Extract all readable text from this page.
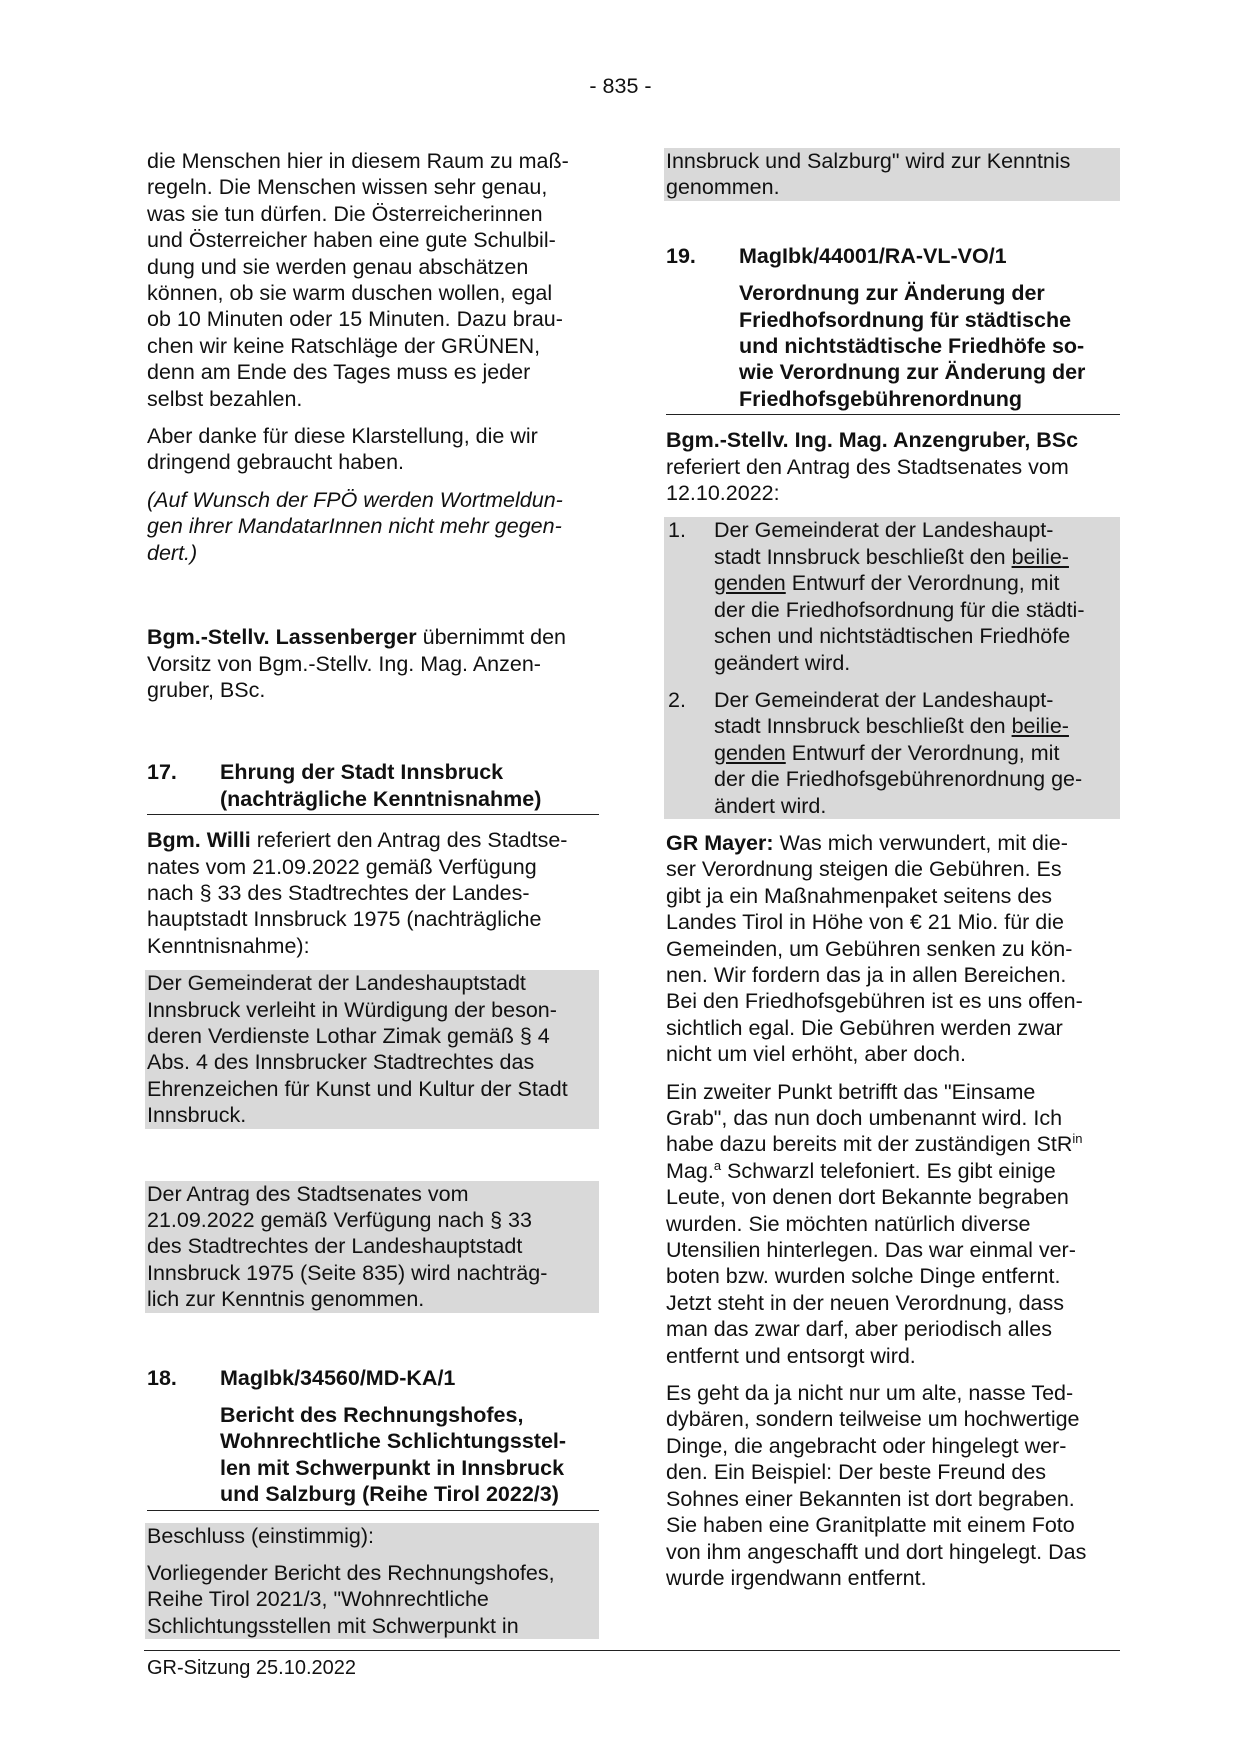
- 835 -

die Menschen hier in diesem Raum zu maß-
regeln. Die Menschen wissen sehr genau,
was sie tun dürfen. Die Österreicherinnen
und Österreicher haben eine gute Schulbil-
dung und sie werden genau abschätzen
können, ob sie warm duschen wollen, egal
ob 10 Minuten oder 15 Minuten. Dazu brau-
chen wir keine Ratschläge der GRÜNEN,
denn am Ende des Tages muss es jeder
selbst bezahlen.

Aber danke für diese Klarstellung, die wir
dringend gebraucht haben.

(Auf Wunsch der FPÖ werden Wortmeldun-
gen ihrer MandatarInnen nicht mehr gegen-
dert.)

Bgm.-Stellv. Lassenberger übernimmt den
Vorsitz von Bgm.-Stellv. Ing. Mag. Anzen-
gruber, BSc.

17. Ehrung der Stadt Innsbruck
(nachträgliche Kenntnisnahme)

Bgm. Willi referiert den Antrag des Stadtse-
nates vom 21.09.2022 gemäß Verfügung
nach § 33 des Stadtrechtes der Landes-
hauptstadt Innsbruck 1975 (nachträgliche
Kenntnisnahme):

Der Gemeinderat der Landeshauptstadt
Innsbruck verleiht in Würdigung der beson-
deren Verdienste Lothar Zimak gemäß § 4
Abs. 4 des Innsbrucker Stadtrechtes das
Ehrenzeichen für Kunst und Kultur der Stadt
Innsbruck.

Der Antrag des Stadtsenates vom
21.09.2022 gemäß Verfügung nach § 33
des Stadtrechtes der Landeshauptstadt
Innsbruck 1975 (Seite 835) wird nachträg-
lich zur Kenntnis genommen.

18. MagIbk/34560/MD-KA/1
Bericht des Rechnungshofes,
Wohnrechtliche Schlichtungsstel-
len mit Schwerpunkt in Innsbruck
und Salzburg (Reihe Tirol 2022/3)

Beschluss (einstimmig):

Vorliegender Bericht des Rechnungshofes,
Reihe Tirol 2021/3, "Wohnrechtliche
Schlichtungsstellen mit Schwerpunkt in

Innsbruck und Salzburg" wird zur Kenntnis
genommen.

19. MagIbk/44001/RA-VL-VO/1
Verordnung zur Änderung der
Friedhofsordnung für städtische
und nichtstädtische Friedhöfe so-
wie Verordnung zur Änderung der
Friedhofsgebührenordnung

Bgm.-Stellv. Ing. Mag. Anzengruber, BSc
referiert den Antrag des Stadtsenates vom
12.10.2022:

1. Der Gemeinderat der Landeshaupt-
stadt Innsbruck beschließt den beilie-
genden Entwurf der Verordnung, mit
der die Friedhofsordnung für die städti-
schen und nichtstädtischen Friedhöfe
geändert wird.
2. Der Gemeinderat der Landeshaupt-
stadt Innsbruck beschließt den beilie-
genden Entwurf der Verordnung, mit
der die Friedhofsgebührenordnung ge-
ändert wird.

GR Mayer: Was mich verwundert, mit die-
ser Verordnung steigen die Gebühren. Es
gibt ja ein Maßnahmenpaket seitens des
Landes Tirol in Höhe von € 21 Mio. für die
Gemeinden, um Gebühren senken zu kön-
nen. Wir fordern das ja in allen Bereichen.
Bei den Friedhofsgebühren ist es uns offen-
sichtlich egal. Die Gebühren werden zwar
nicht um viel erhöht, aber doch.

Ein zweiter Punkt betrifft das "Einsame
Grab", das nun doch umbenannt wird. Ich
habe dazu bereits mit der zuständigen StR$^{in}$
Mag.$^a$ Schwarzl telefoniert. Es gibt einige
Leute, von denen dort Bekannte begraben
wurden. Sie möchten natürlich diverse
Utensilien hinterlegen. Das war einmal ver-
boten bzw. wurden solche Dinge entfernt.
Jetzt steht in der neuen Verordnung, dass
man das zwar darf, aber periodisch alles
entfernt und entsorgt wird.

Es geht da ja nicht nur um alte, nasse Ted-
dybären, sondern teilweise um hochwertige
Dinge, die angebracht oder hingelegt wer-
den. Ein Beispiel: Der beste Freund des
Sohnes einer Bekannten ist dort begraben.
Sie haben eine Granitplatte mit einem Foto
von ihm angeschafft und dort hingelegt. Das
wurde irgendwann entfernt.

GR-Sitzung 25.10.2022
